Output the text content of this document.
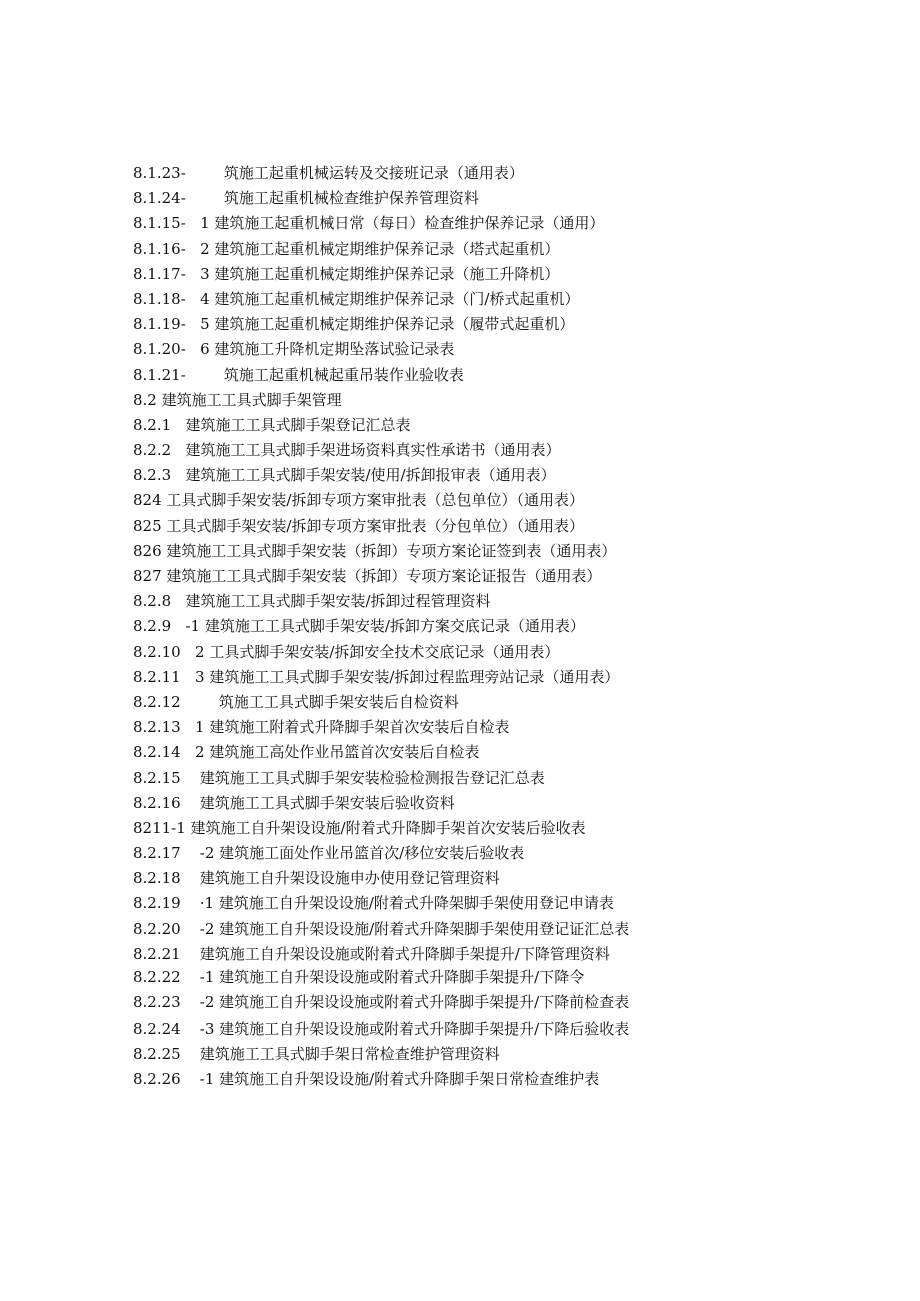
8.1.23-        筑施工起重机械运转及交接班记录（通用表）
8.1.24-        筑施工起重机械检查维护保养管理资料
8.1.15-   1 建筑施工起重机械日常（每日）检查维护保养记录（通用）
8.1.16-   2 建筑施工起重机械定期维护保养记录（塔式起重机）
8.1.17-   3 建筑施工起重机械定期维护保养记录（施工升降机）
8.1.18-   4 建筑施工起重机械定期维护保养记录（门/桥式起重机）
8.1.19-   5 建筑施工起重机械定期维护保养记录（履带式起重机）
8.1.20-   6 建筑施工升降机定期坠落试验记录表
8.1.21-        筑施工起重机械起重吊装作业验收表
8.2 建筑施工工具式脚手架管理
8.2.1   建筑施工工具式脚手架登记汇总表
8.2.2   建筑施工工具式脚手架进场资料真实性承诺书（通用表）
8.2.3   建筑施工工具式脚手架安装/使用/拆卸报审表（通用表）
824 工具式脚手架安装/拆卸专项方案审批表（总包单位）（通用表）
825 工具式脚手架安装/拆卸专项方案审批表（分包单位）（通用表）
826 建筑施工工具式脚手架安装（拆卸）专项方案论证签到表（通用表）
827 建筑施工工具式脚手架安装（拆卸）专项方案论证报告（通用表）
8.2.8   建筑施工工具式脚手架安装/拆卸过程管理资料
8.2.9   -1 建筑施工工具式脚手架安装/拆卸方案交底记录（通用表）
8.2.10   2 工具式脚手架安装/拆卸安全技术交底记录（通用表）
8.2.11   3 建筑施工工具式脚手架安装/拆卸过程监理旁站记录（通用表）
8.2.12        筑施工工具式脚手架安装后自检资料
8.2.13   1 建筑施工附着式升降脚手架首次安装后自检表
8.2.14   2 建筑施工高处作业吊篮首次安装后自检表
8.2.15    建筑施工工具式脚手架安装检验检测报告登记汇总表
8.2.16    建筑施工工具式脚手架安装后验收资料
8211-1 建筑施工自升架设设施/附着式升降脚手架首次安装后验收表
8.2.17    -2 建筑施工面处作业吊篮首次/移位安装后验收表
8.2.18    建筑施工自升架设设施申办使用登记管理资料
8.2.19    ·1 建筑施工自升架设设施/附着式升降架脚手架使用登记申请表
8.2.20    -2 建筑施工自升架设设施/附着式升降架脚手架使用登记证汇总表
8.2.21    建筑施工自升架设设施或附着式升降脚手架提升/下降管理资料
8.2.22    -1 建筑施工自升架设设施或附着式升降脚手架提升/下降令
8.2.23    -2 建筑施工自升架设设施或附着式升降脚手架提升/下降前检查表
8.2.24    -3 建筑施工自升架设设施或附着式升降脚手架提升/下降后验收表
8.2.25    建筑施工工具式脚手架日常检查维护管理资料
8.2.26    -1 建筑施工自升架设设施/附着式升降脚手架日常检查维护表
